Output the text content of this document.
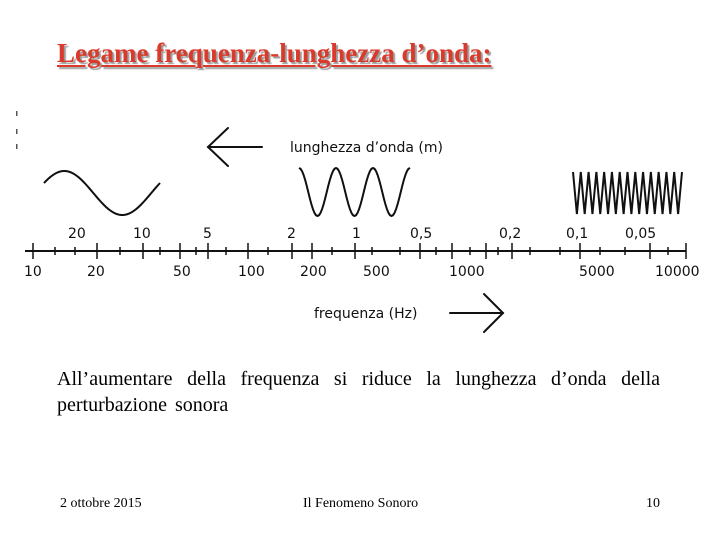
Legame frequenza-lunghezza d’onda:
lunghezza d’onda (m)
20	10	5	2	1	0,5	0,2	0,1	0,05
10	20	50	100	200	500	1000	5000	10000
frequenza (Hz)
All’aumentare della frequenza si riduce la lunghezza d’onda della perturbazione sonora
2 ottobre 2015	Il Fenomeno Sonoro	10
